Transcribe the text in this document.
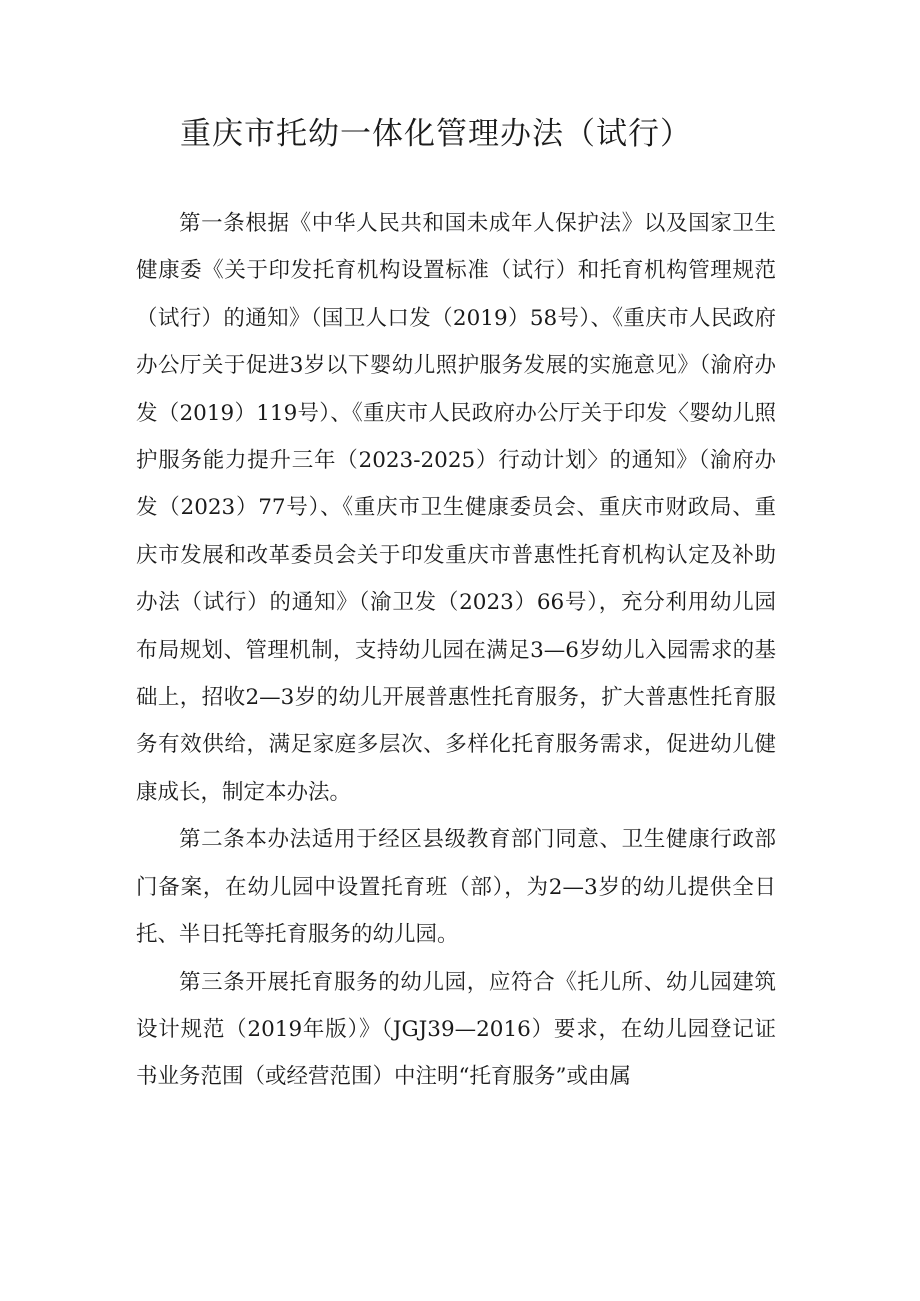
重庆市托幼一体化管理办法（试行）

第一条根据《中华人民共和国未成年人保护法》以及国家卫生健康委《关于印发托育机构设置标准（试行）和托育机构管理规范（试行）的通知》（国卫人口发（2019）58号）、《重庆市人民政府办公厅关于促进3岁以下婴幼儿照护服务发展的实施意见》（渝府办发（2019）119号）、《重庆市人民政府办公厅关于印发〈婴幼儿照护服务能力提升三年（2023-2025）行动计划〉的通知》（渝府办发（2023）77号）、《重庆市卫生健康委员会、重庆市财政局、重庆市发展和改革委员会关于印发重庆市普惠性托育机构认定及补助办法（试行）的通知》（渝卫发（2023）66号），充分利用幼儿园布局规划、管理机制，支持幼儿园在满足3—6岁幼儿入园需求的基础上，招收2—3岁的幼儿开展普惠性托育服务，扩大普惠性托育服务有效供给，满足家庭多层次、多样化托育服务需求，促进幼儿健康成长，制定本办法。

第二条本办法适用于经区县级教育部门同意、卫生健康行政部门备案，在幼儿园中设置托育班（部），为2—3岁的幼儿提供全日托、半日托等托育服务的幼儿园。

第三条开展托育服务的幼儿园，应符合《托儿所、幼儿园建筑设计规范（2019年版）》（JGJ39—2016）要求，在幼儿园登记证书业务范围（或经营范围）中注明“托育服务”或由属
